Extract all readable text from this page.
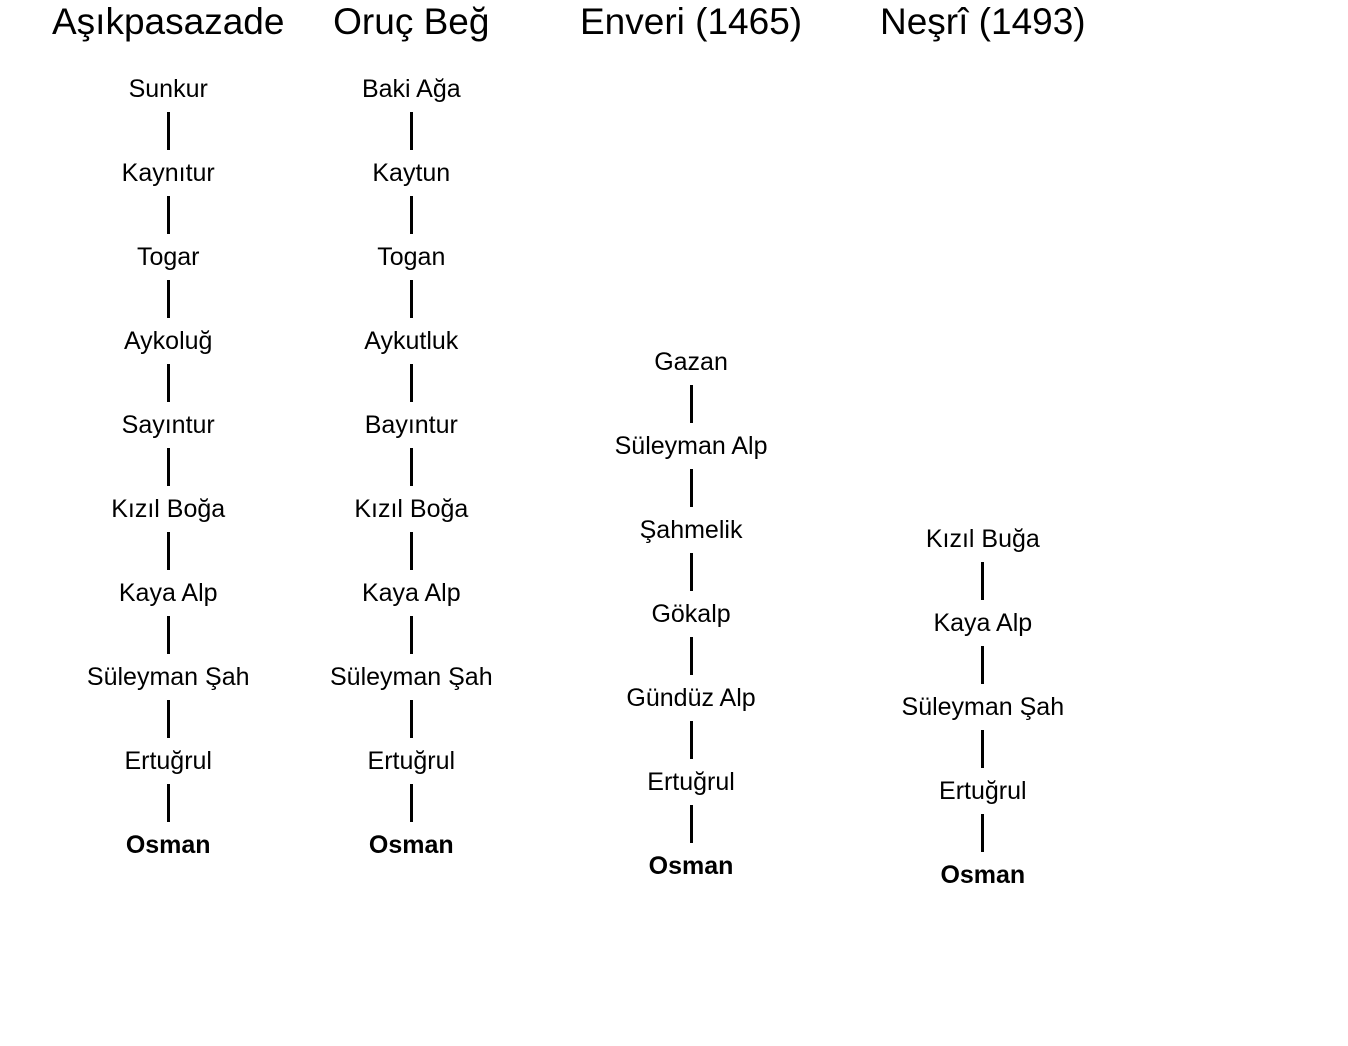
Aşıkpasazade
Sunkur
Kaynıtur
Togar
Aykoluğ
Sayıntur
Kızıl Boğa
Kaya Alp
Süleyman Şah
Ertuğrul
Osman
Oruç Beğ
Baki Ağa
Kaytun
Togan
Aykutluk
Bayıntur
Kızıl Boğa
Kaya Alp
Süleyman Şah
Ertuğrul
Osman
Enveri (1465)
Gazan
Süleyman Alp
Şahmelik
Gökalp
Gündüz Alp
Ertuğrul
Osman
Neşrî (1493)
Kızıl Buğa
Kaya Alp
Süleyman Şah
Ertuğrul
Osman
